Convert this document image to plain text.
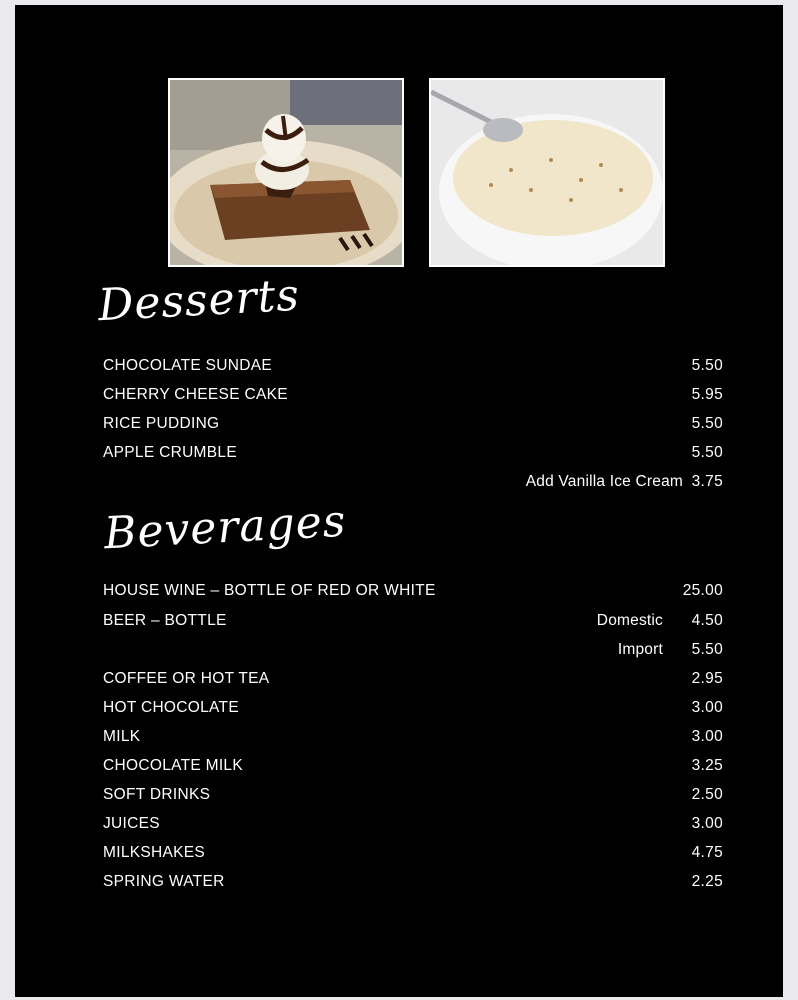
Desserts
CHOCOLATE SUNDAE	5.50
CHERRY CHEESE CAKE	5.95
RICE PUDDING	5.50
APPLE CRUMBLE	5.50
Add Vanilla Ice Cream 3.75
Beverages
HOUSE WINE – BOTTLE OF RED OR WHITE	25.00
BEER – BOTTLE	Domestic 4.50
Import 5.50
COFFEE OR HOT TEA	2.95
HOT CHOCOLATE	3.00
MILK	3.00
CHOCOLATE MILK	3.25
SOFT DRINKS	2.50
JUICES	3.00
MILKSHAKES	4.75
SPRING WATER	2.25
